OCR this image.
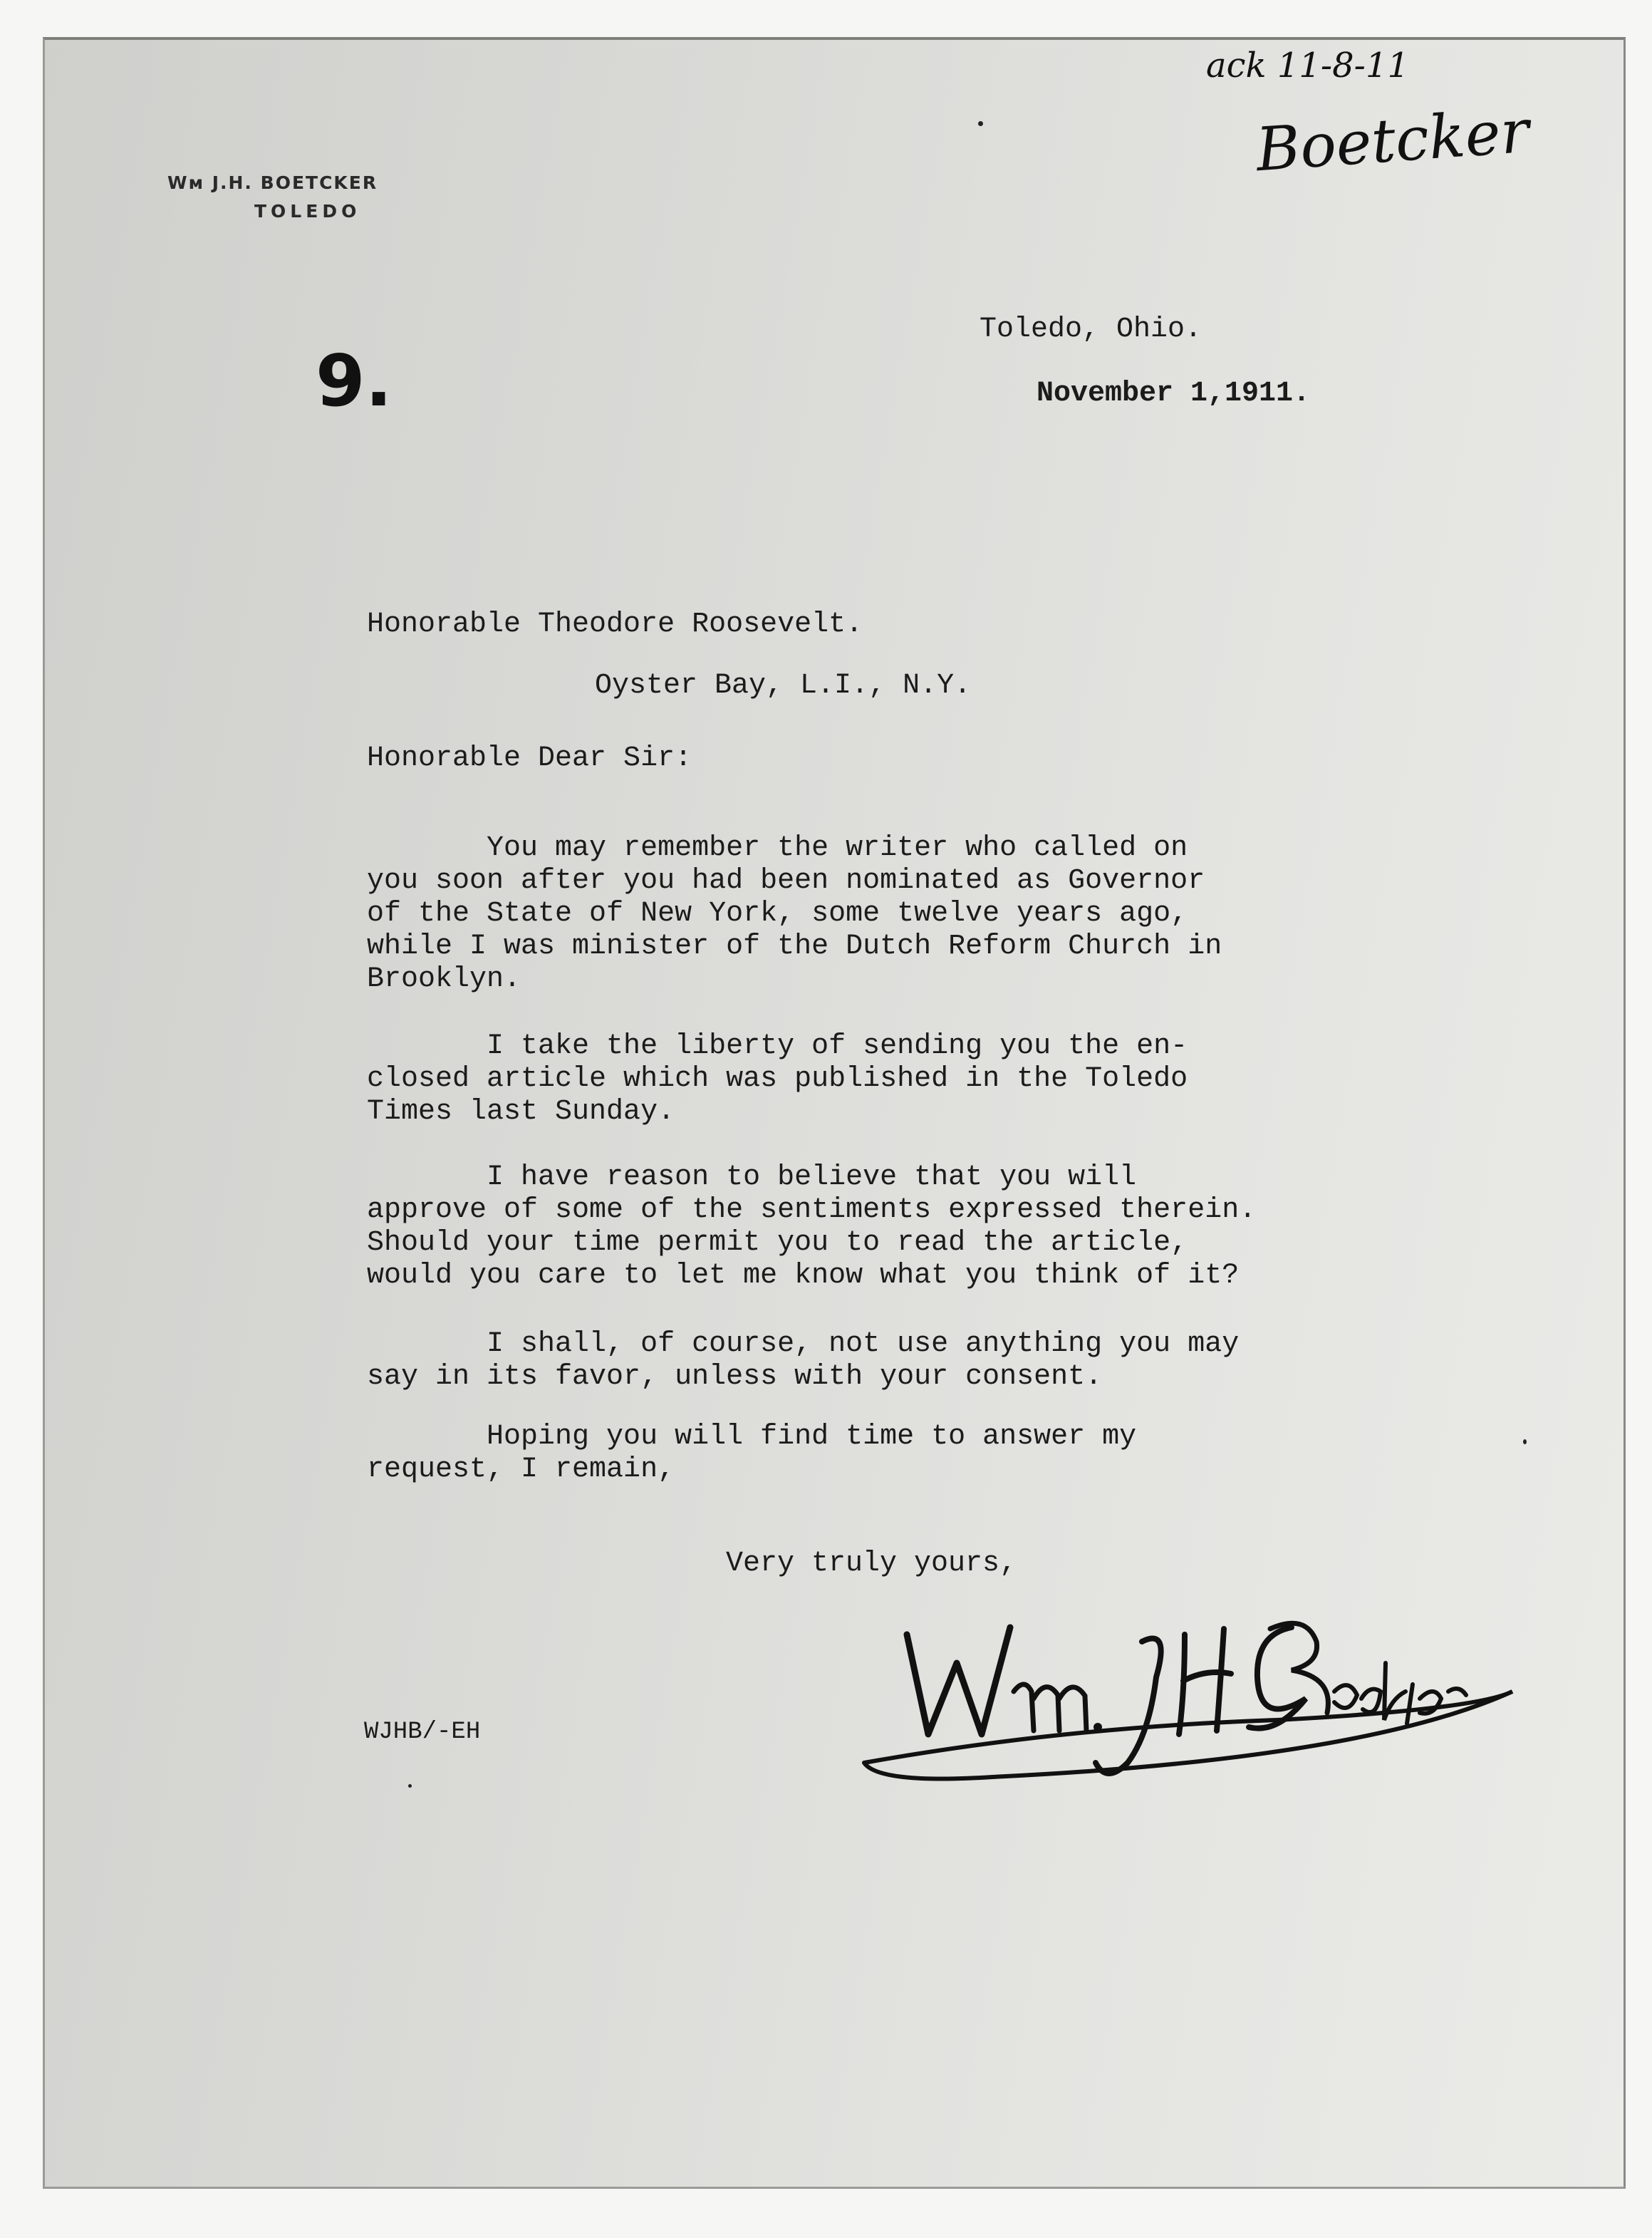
Wᴍ J.H. BOETCKER

TOLEDO

ack 11-8-11

Boetcker

9.

Toledo, Ohio.

November 1,1911.

Honorable Theodore Roosevelt.

Oyster Bay, L.I., N.Y.

Honorable Dear Sir:

You may remember the writer who called on
you soon after you had been nominated as Governor
of the State of New York, some twelve years ago,
while I was minister of the Dutch Reform Church in
Brooklyn.
I take the liberty of sending you the en-
closed article which was published in the Toledo
Times last Sunday.
I have reason to believe that you will
approve of some of the sentiments expressed therein.
Should your time permit you to read the article,
would you care to let me know what you think of it?
I shall, of course, not use anything you may
say in its favor, unless with your consent.
Hoping you will find time to answer my
request, I remain,

Very truly yours,

WJHB/-EH
